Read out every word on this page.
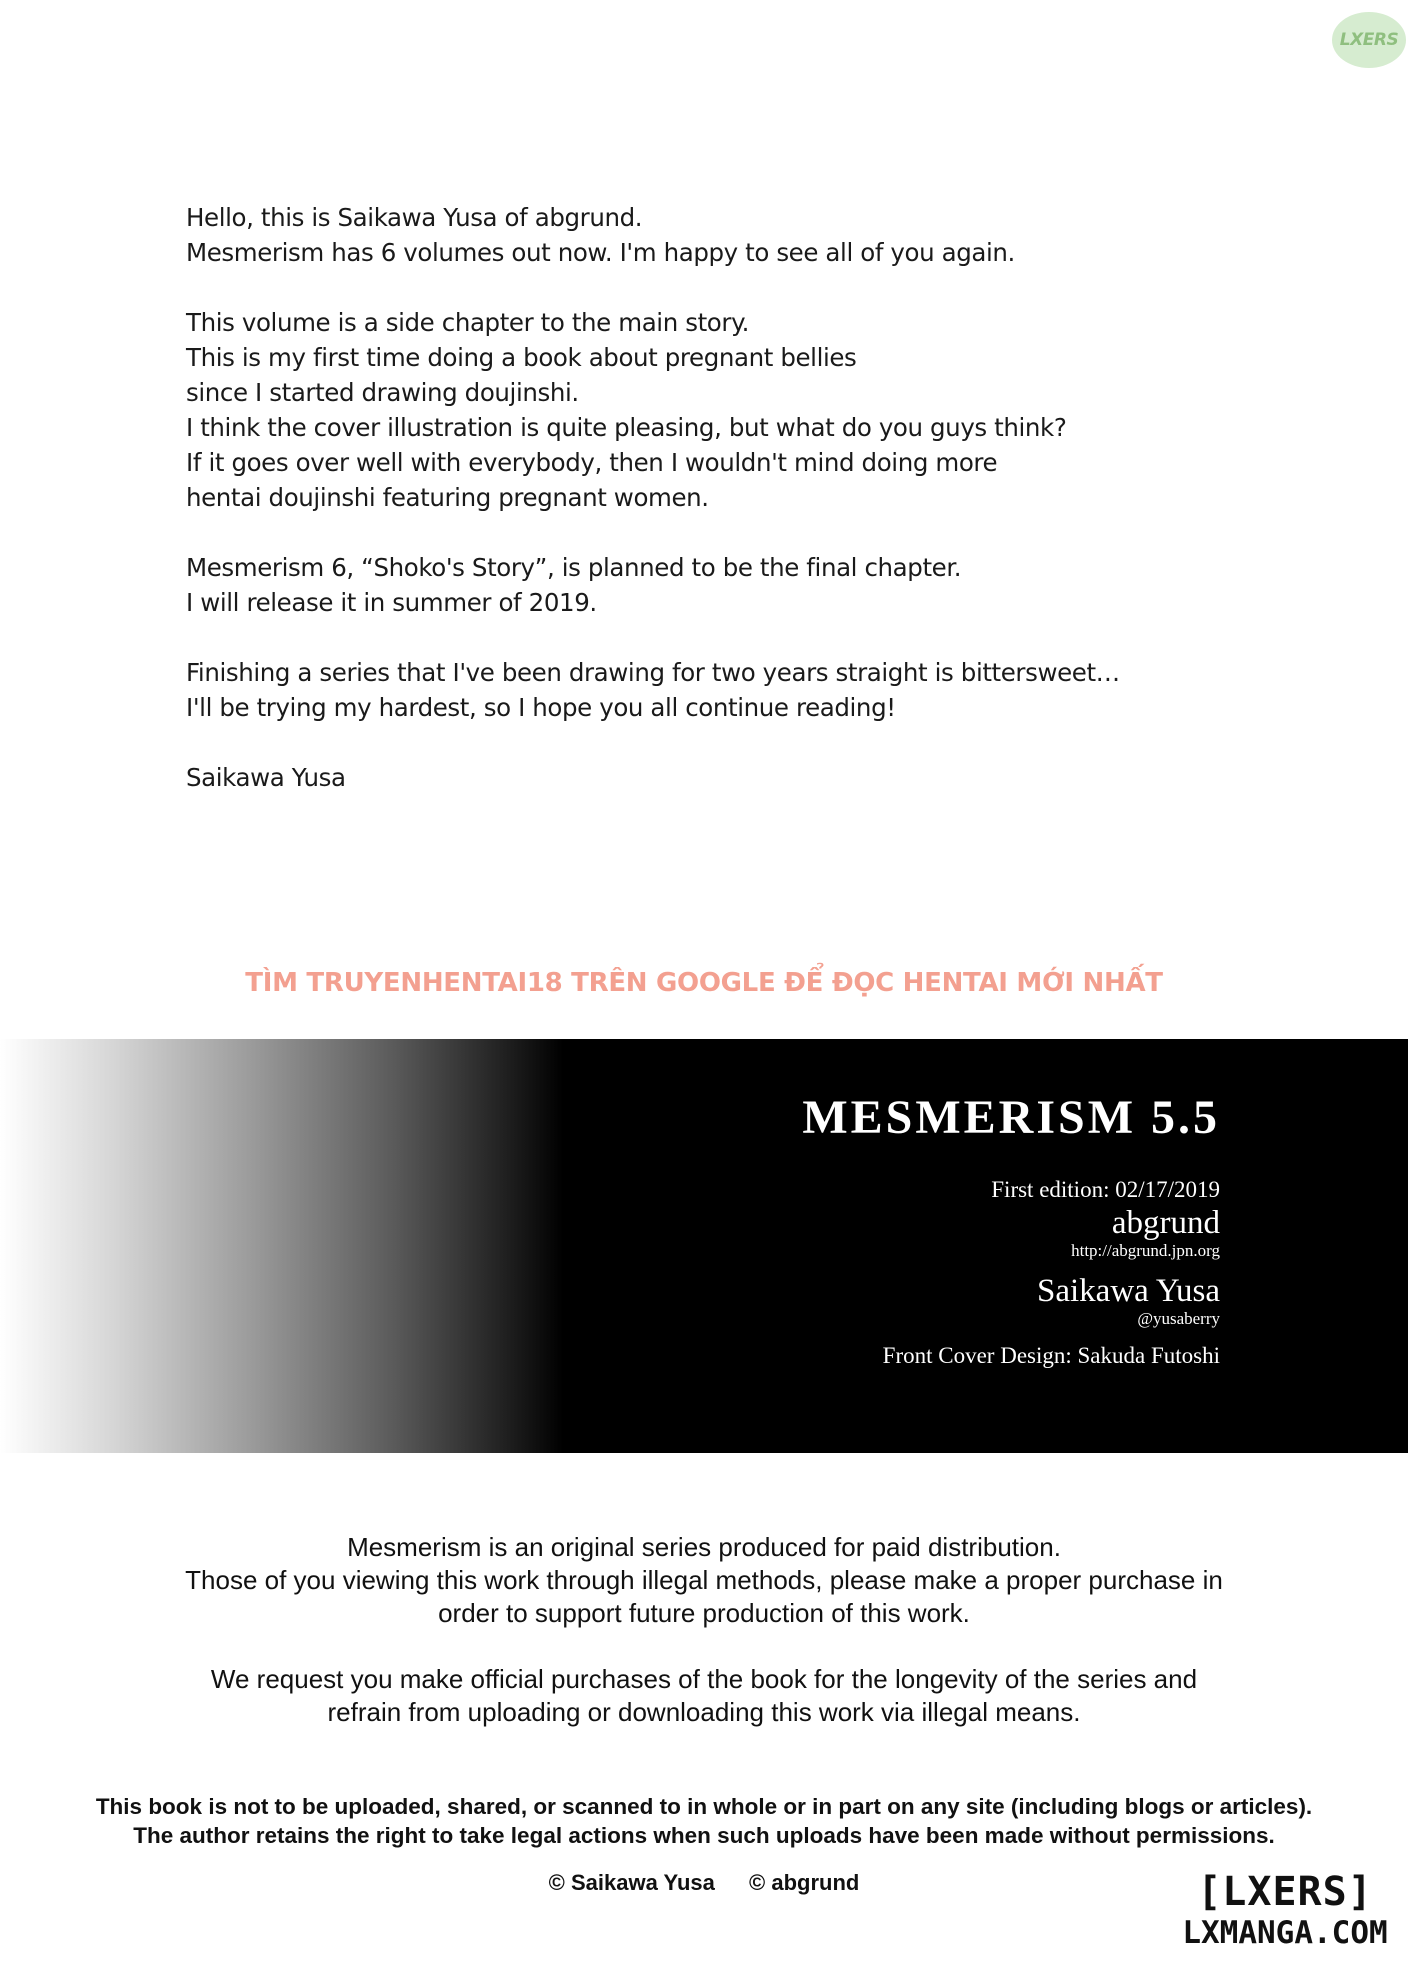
LXERS

Hello, this is Saikawa Yusa of abgrund.
Mesmerism has 6 volumes out now. I'm happy to see all of you again.

This volume is a side chapter to the main story.
This is my first time doing a book about pregnant bellies
since I started drawing doujinshi.
I think the cover illustration is quite pleasing, but what do you guys think?
If it goes over well with everybody, then I wouldn't mind doing more
hentai doujinshi featuring pregnant women.

Mesmerism 6, “Shoko's Story”, is planned to be the final chapter.
I will release it in summer of 2019.

Finishing a series that I've been drawing for two years straight is bittersweet…
I'll be trying my hardest, so I hope you all continue reading!

Saikawa Yusa

TÌM TRUYENHENTAI18 TRÊN GOOGLE ĐỂ ĐỌC HENTAI MỚI NHẤT
MESMERISM 5.5
First edition: 02/17/2019
abgrund
http://abgrund.jpn.org
Saikawa Yusa
@yusaberry
Front Cover Design: Sakuda Futoshi

Mesmerism is an original series produced for paid distribution.
Those of you viewing this work through illegal methods, please make a proper purchase in
order to support future production of this work.

We request you make official purchases of the book for the longevity of the series and
refrain from uploading or downloading this work via illegal means.

This book is not to be uploaded, shared, or scanned to in whole or in part on any site (including blogs or articles).
The author retains the right to take legal actions when such uploads have been made without permissions.
© Saikawa Yusa © abgrund	[LXERS]
LXMANGA.COM
